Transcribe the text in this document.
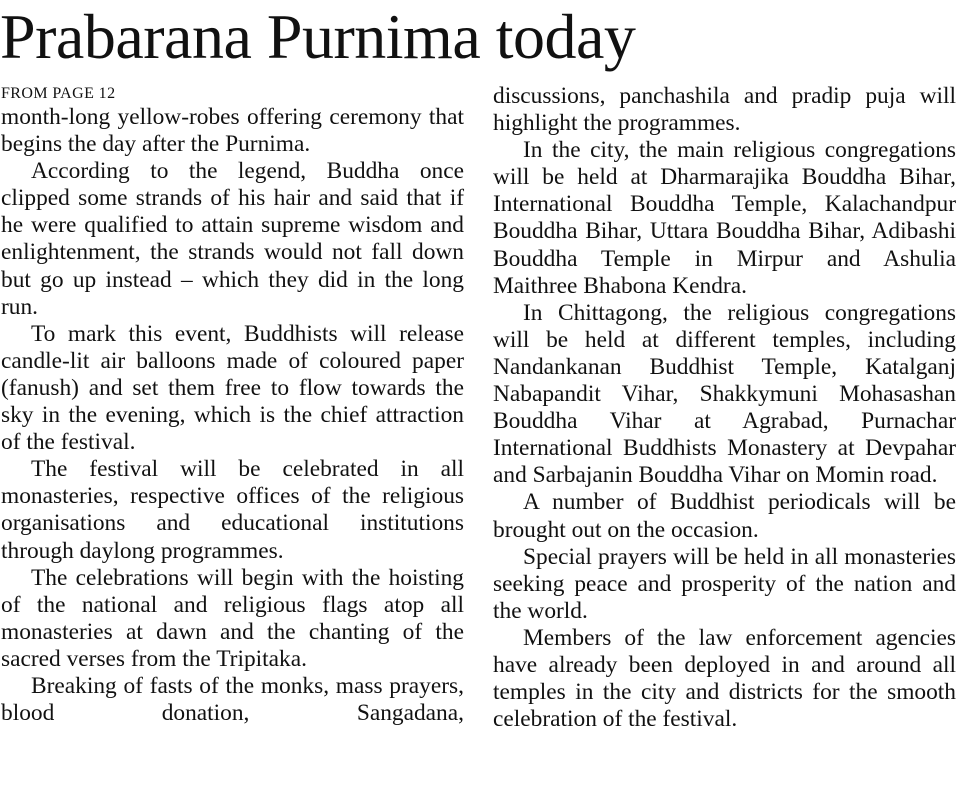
Prabarana Purnima today
FROM PAGE 12

month-long yellow-robes offering ceremony that begins the day after the Purnima.

According to the legend, Buddha once clipped some strands of his hair and said that if he were qualified to attain supreme wisdom and enlightenment, the strands would not fall down but go up instead – which they did in the long run.

To mark this event, Buddhists will release candle-lit air balloons made of coloured paper (fanush) and set them free to flow towards the sky in the evening, which is the chief attraction of the festival.

The festival will be celebrated in all monasteries, respective offices of the religious organisations and educational institutions through daylong programmes.

The celebrations will begin with the hoisting of the national and religious flags atop all monasteries at dawn and the chanting of the sacred verses from the Tripitaka.

Breaking of fasts of the monks, mass prayers, blood donation, Sangadana,

discussions, panchashila and pradip puja will highlight the programmes.

In the city, the main religious congregations will be held at Dharmarajika Bouddha Bihar, International Bouddha Temple, Kalachandpur Bouddha Bihar, Uttara Bouddha Bihar, Adibashi Bouddha Temple in Mirpur and Ashulia Maithree Bhabona Kendra.

In Chittagong, the religious congregations will be held at different temples, including Nandankanan Buddhist Temple, Katalganj Nabapandit Vihar, Shakkymuni Mohasashan Bouddha Vihar at Agrabad, Purnachar International Buddhists Monastery at Devpahar and Sarbajanin Bouddha Vihar on Momin road.

A number of Buddhist periodicals will be brought out on the occasion.

Special prayers will be held in all monasteries seeking peace and prosperity of the nation and the world.

Members of the law enforcement agencies have already been deployed in and around all temples in the city and districts for the smooth celebration of the festival.
